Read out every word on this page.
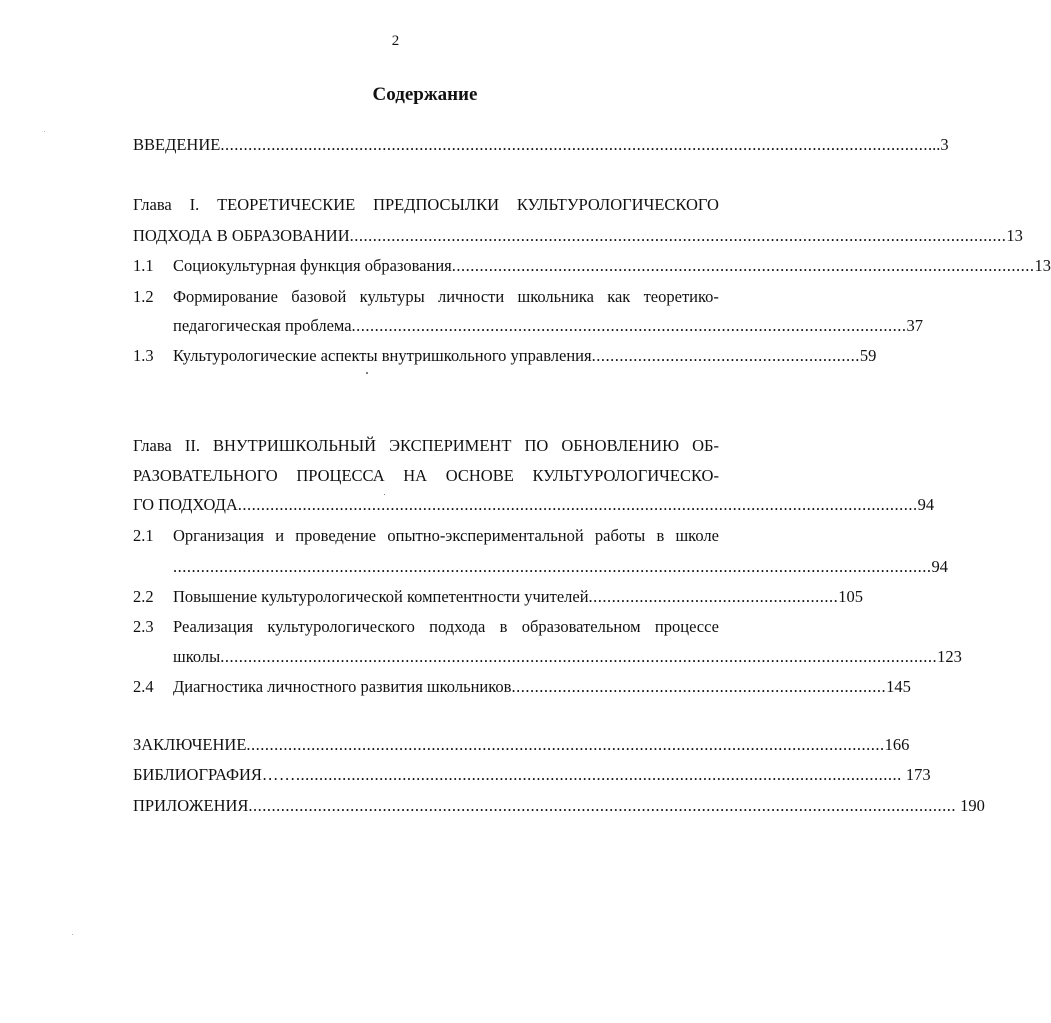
2
Содержание
ВВЕДЕНИЕ ......................................................................................................................................................... ...3
Глава I. ТЕОРЕТИЧЕСКИЕ ПРЕДПОСЫЛКИ КУЛЬТУРОЛОГИЧЕСКОГО
ПОДХОДА В ОБРАЗОВАНИИ .............................................................................................................................................. 13
1.1 Социокультурная функция образования .............................................................................................................................. 13
1.2 Формирование базовой культуры личности школьника как теоретико-
педагогическая проблема ........................................................................................................................ 37
1.3 Культурологические аспекты внутришкольного управления .......................................................... 59
Глава II. ВНУТРИШКОЛЬНЫЙ ЭКСПЕРИМЕНТ ПО ОБНОВЛЕНИЮ ОБ-
РАЗОВАТЕЛЬНОГО ПРОЦЕССА НА ОСНОВЕ КУЛЬТУРОЛОГИЧЕСКО-
ГО ПОДХОДА ................................................................................................................................................... 94
2.1 Организация и проведение опытно-экспериментальной работы в школе
.................................................................................................................................................................... 94
2.2 Повышение культурологической компетентности учителей ...................................................... 105
2.3 Реализация культурологического подхода в образовательном процессе
школы ........................................................................................................................................................... 123
2.4 Диагностика личностного развития школьников ................................................................................. 145
ЗАКЛЮЧЕНИЕ .......................................................................................................................................... 166
БИБЛИОГРАФИЯ ……................................................................................................................................... 173
ПРИЛОЖЕНИЯ ......................................................................................................................................................... 190
